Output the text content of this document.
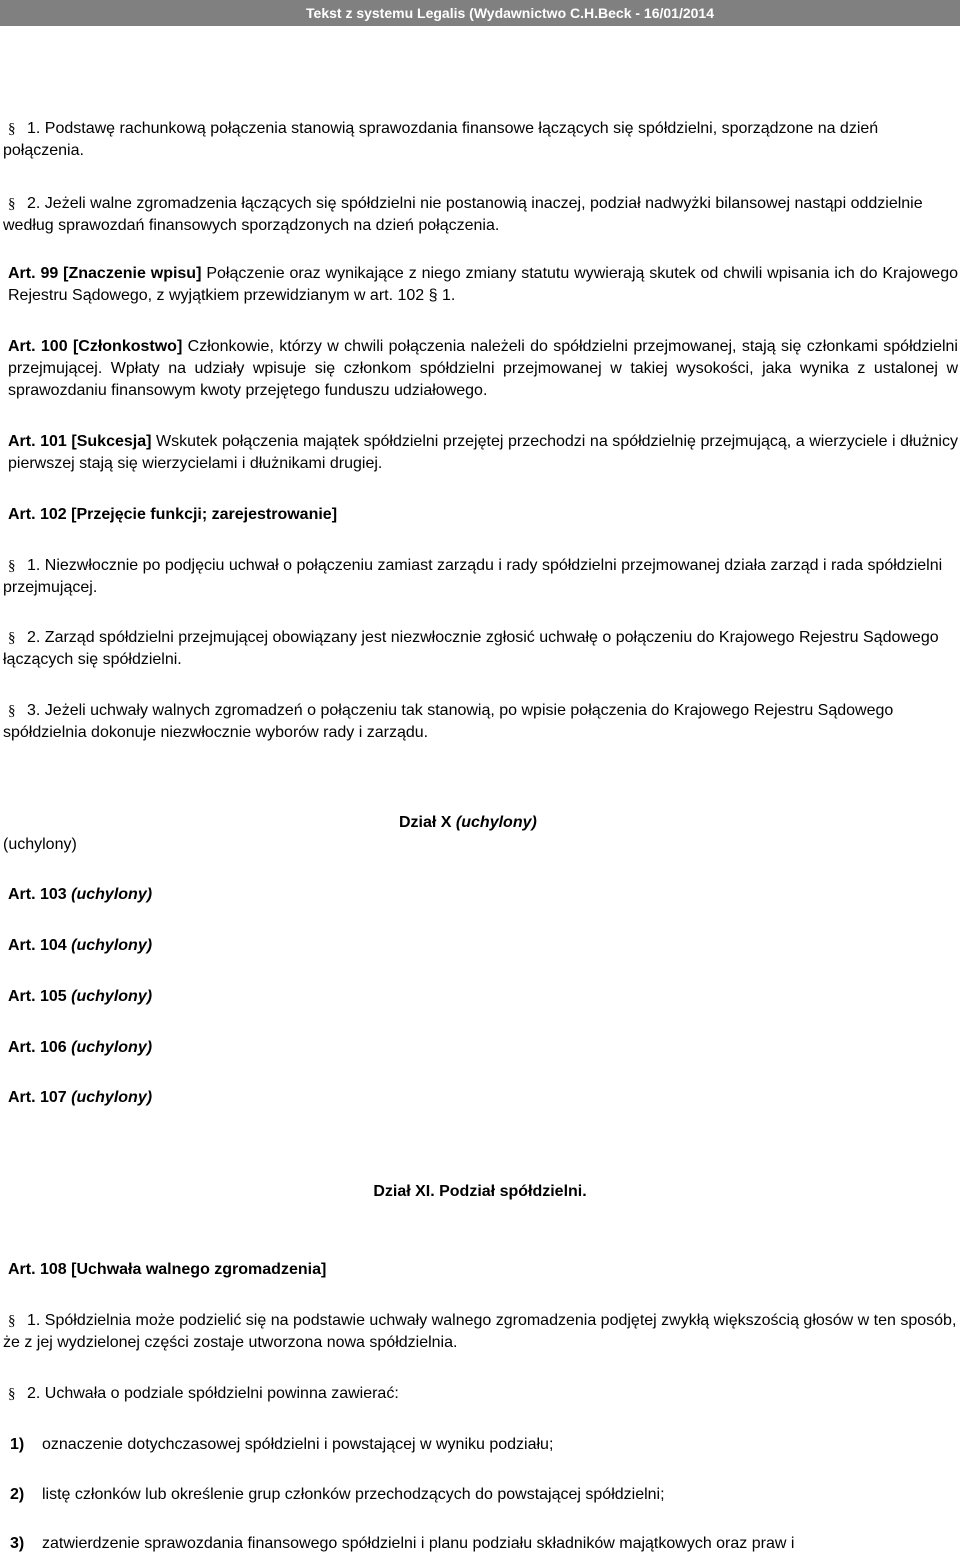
Tekst z systemu Legalis (Wydawnictwo C.H.Beck - 16/01/2014
§ 1. Podstawę rachunkową połączenia stanowią sprawozdania finansowe łączących się spółdzielni, sporządzone na dzień połączenia.

§ 2. Jeżeli walne zgromadzenia łączących się spółdzielni nie postanowią inaczej, podział nadwyżki bilansowej nastąpi oddzielnie według sprawozdań finansowych sporządzonych na dzień połączenia.

Art. 99 [Znaczenie wpisu] Połączenie oraz wynikające z niego zmiany statutu wywierają skutek od chwili wpisania ich do Krajowego Rejestru Sądowego, z wyjątkiem przewidzianym w art. 102 § 1.

Art. 100 [Członkostwo] Członkowie, którzy w chwili połączenia należeli do spółdzielni przejmowanej, stają się członkami spółdzielni przejmującej. Wpłaty na udziały wpisuje się członkom spółdzielni przejmowanej w takiej wysokości, jaka wynika z ustalonej w sprawozdaniu finansowym kwoty przejętego funduszu udziałowego.

Art. 101 [Sukcesja] Wskutek połączenia majątek spółdzielni przejętej przechodzi na spółdzielnię przejmującą, a wierzyciele i dłużnicy pierwszej stają się wierzycielami i dłużnikami drugiej.

Art. 102 [Przejęcie funkcji; zarejestrowanie]

§ 1. Niezwłocznie po podjęciu uchwał o połączeniu zamiast zarządu i rady spółdzielni przejmowanej działa zarząd i rada spółdzielni przejmującej.

§ 2. Zarząd spółdzielni przejmującej obowiązany jest niezwłocznie zgłosić uchwałę o połączeniu do Krajowego Rejestru Sądowego łączących się spółdzielni.

§ 3. Jeżeli uchwały walnych zgromadzeń o połączeniu tak stanowią, po wpisie połączenia do Krajowego Rejestru Sądowego spółdzielnia dokonuje niezwłocznie wyborów rady i zarządu.

Dział X (uchylony)
(uchylony)
Art. 103 (uchylony)
Art. 104 (uchylony)
Art. 105 (uchylony)
Art. 106 (uchylony)
Art. 107 (uchylony)
Dział XI. Podział spółdzielni.

Art. 108 [Uchwała walnego zgromadzenia]

§ 1. Spółdzielnia może podzielić się na podstawie uchwały walnego zgromadzenia podjętej zwykłą większością głosów w ten sposób, że z jej wydzielonej części zostaje utworzona nowa spółdzielnia.

§ 2. Uchwała o podziale spółdzielni powinna zawierać:

1) oznaczenie dotychczasowej spółdzielni i powstającej w wyniku podziału;

2) listę członków lub określenie grup członków przechodzących do powstającej spółdzielni;

3) zatwierdzenie sprawozdania finansowego spółdzielni i planu podziału składników majątkowych oraz praw i
